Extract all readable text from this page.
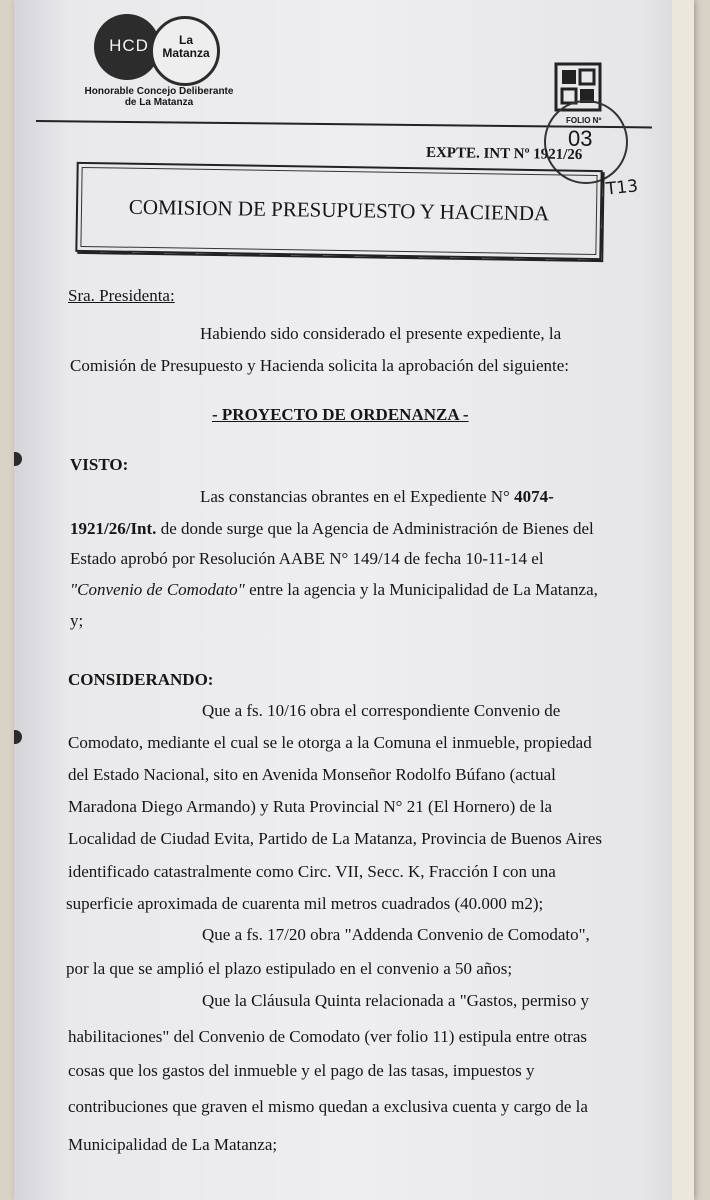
HCD	La
Matanza
Honorable Concejo Deliberante
de La Matanza
FOLIO Nº
03
T13
EXPTE. INT Nº 1921/26
COMISION DE PRESUPUESTO Y HACIENDA
Sra. Presidenta:
Habiendo sido considerado el presente expediente, la
Comisión de Presupuesto y Hacienda solicita la aprobación del siguiente:
- PROYECTO DE ORDENANZA -
VISTO:
Las constancias obrantes en el Expediente N° 4074-
1921/26/Int. de donde surge que la Agencia de Administración de Bienes del
Estado aprobó por Resolución AABE N° 149/14 de fecha 10-11-14 el
"Convenio de Comodato" entre la agencia y la Municipalidad de La Matanza,
y;
CONSIDERANDO:
Que a fs. 10/16 obra el correspondiente Convenio de
Comodato, mediante el cual se le otorga a la Comuna el inmueble, propiedad
del Estado Nacional, sito en Avenida Monseñor Rodolfo Búfano (actual
Maradona Diego Armando) y Ruta Provincial N° 21 (El Hornero) de la
Localidad de Ciudad Evita, Partido de La Matanza, Provincia de Buenos Aires
identificado catastralmente como Circ. VII, Secc. K, Fracción I con una
superficie aproximada de cuarenta mil metros cuadrados (40.000 m2);
Que a fs. 17/20 obra "Addenda Convenio de Comodato",
por la que se amplió el plazo estipulado en el convenio a 50 años;
Que la Cláusula Quinta relacionada a "Gastos, permiso y
habilitaciones" del Convenio de Comodato (ver folio 11) estipula entre otras
cosas que los gastos del inmueble y el pago de las tasas, impuestos y
contribuciones que graven el mismo quedan a exclusiva cuenta y cargo de la
Municipalidad de La Matanza;
